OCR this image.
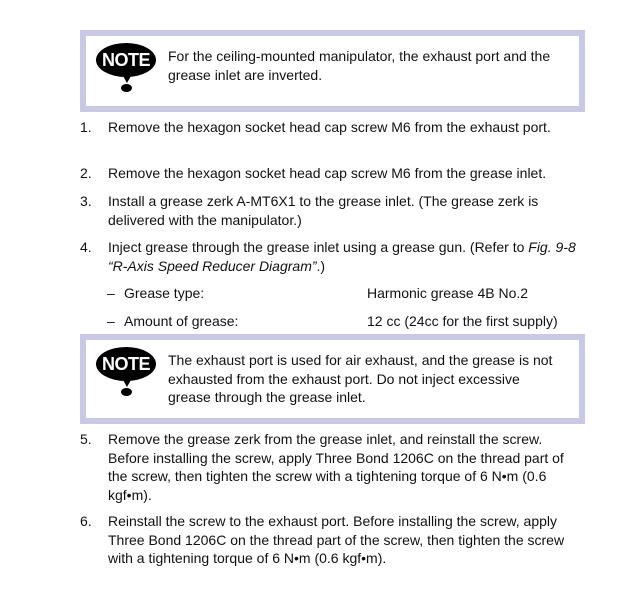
NOTE	For the ceiling-mounted manipulator, the exhaust port and the grease inlet are inverted.
1. Remove the hexagon socket head cap screw M6 from the exhaust port.
2. Remove the hexagon socket head cap screw M6 from the grease inlet.
3. Install a grease zerk A-MT6X1 to the grease inlet. (The grease zerk is delivered with the manipulator.)
4. Inject grease through the grease inlet using a grease gun. (Refer to Fig. 9-8 “R-Axis Speed Reducer Diagram”.)
– Grease type:	Harmonic grease 4B No.2
– Amount of grease:	12 cc (24cc for the first supply)
NOTE	The exhaust port is used for air exhaust, and the grease is not exhausted from the exhaust port. Do not inject excessive grease through the grease inlet.
5. Remove the grease zerk from the grease inlet, and reinstall the screw. Before installing the screw, apply Three Bond 1206C on the thread part of the screw, then tighten the screw with a tightening torque of 6 N•m (0.6 kgf•m).
6. Reinstall the screw to the exhaust port. Before installing the screw, apply Three Bond 1206C on the thread part of the screw, then tighten the screw with a tightening torque of 6 N•m (0.6 kgf•m).
